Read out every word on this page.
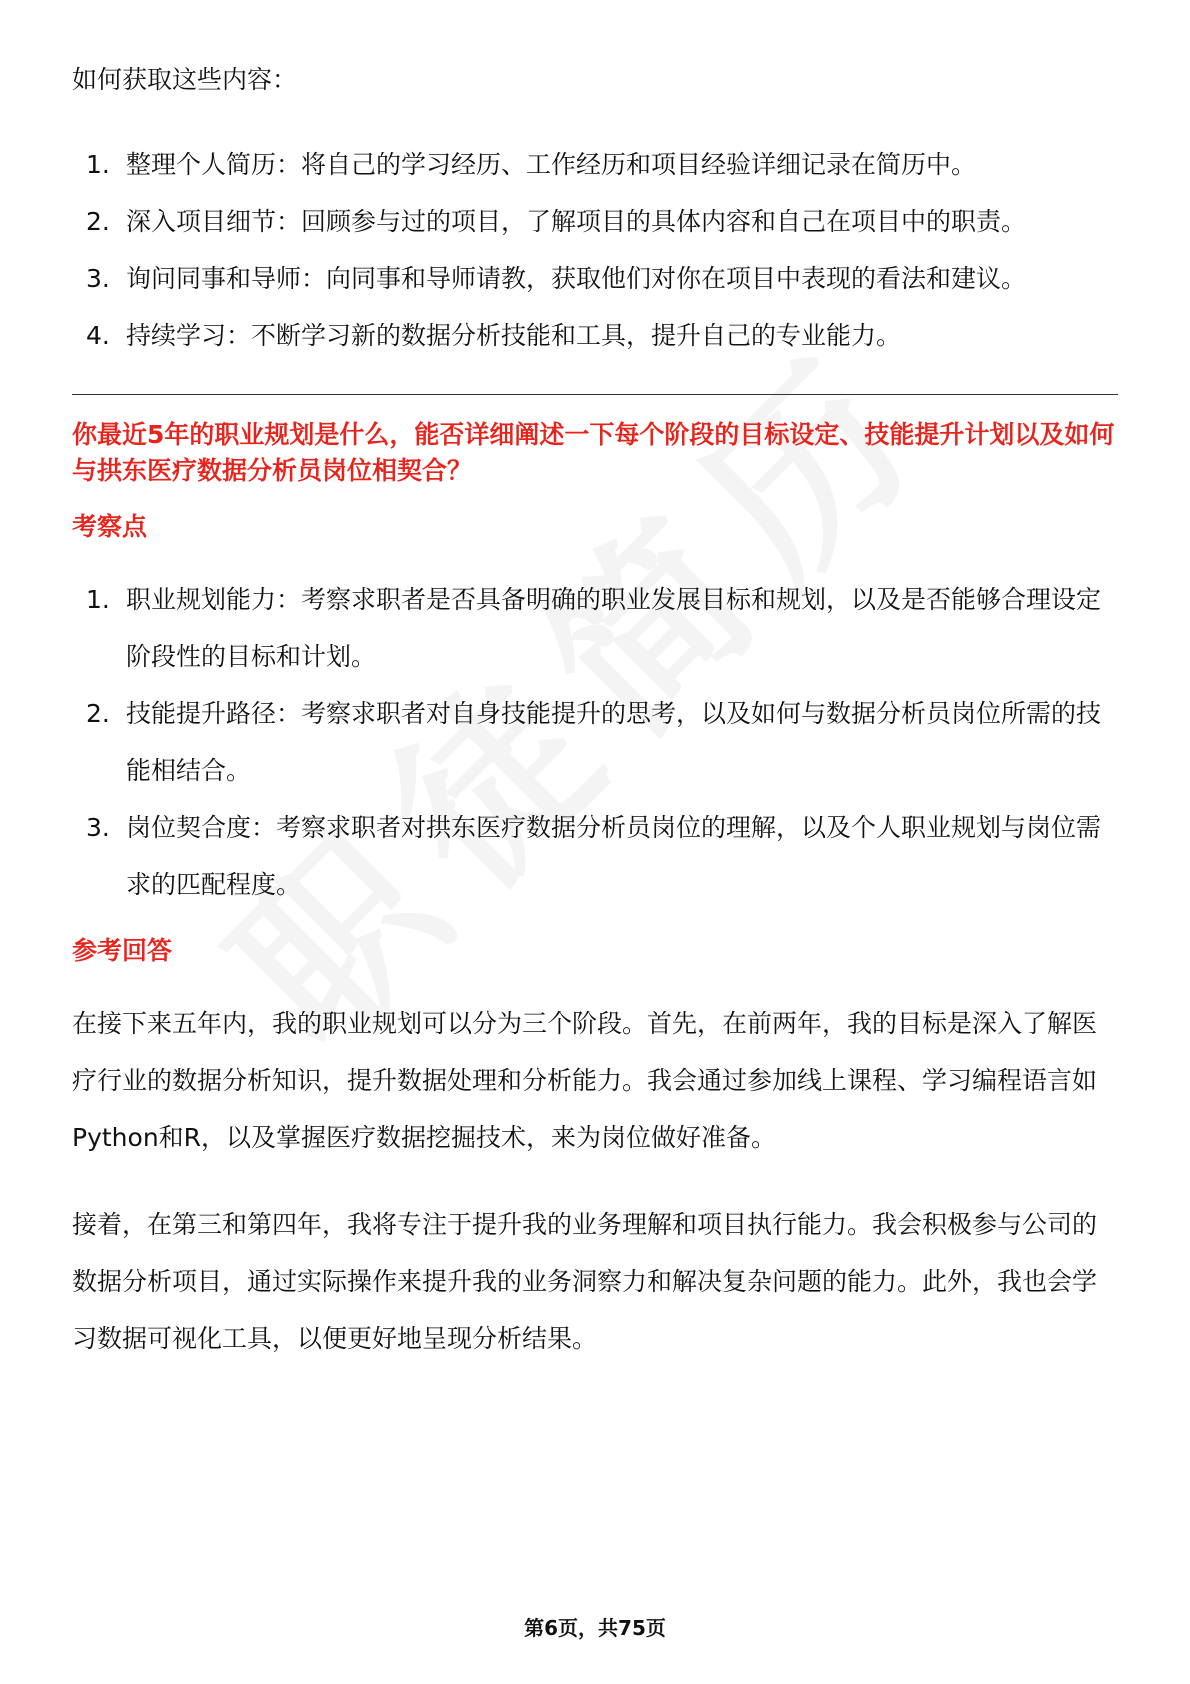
如何获取这些内容：

1. 整理个人简历：将自己的学习经历、工作经历和项目经验详细记录在简历中。
2. 深入项目细节：回顾参与过的项目，了解项目的具体内容和自己在项目中的职责。
3. 询问同事和导师：向同事和导师请教，获取他们对你在项目中表现的看法和建议。
4. 持续学习：不断学习新的数据分析技能和工具，提升自己的专业能力。

你最近5年的职业规划是什么，能否详细阐述一下每个阶段的目标设定、技能提升计划以及如何与拱东医疗数据分析员岗位相契合？

考察点

1. 职业规划能力：考察求职者是否具备明确的职业发展目标和规划，以及是否能够合理设定阶段性的目标和计划。
2. 技能提升路径：考察求职者对自身技能提升的思考，以及如何与数据分析员岗位所需的技能相结合。
3. 岗位契合度：考察求职者对拱东医疗数据分析员岗位的理解，以及个人职业规划与岗位需求的匹配程度。

参考回答

在接下来五年内，我的职业规划可以分为三个阶段。首先，在前两年，我的目标是深入了解医疗行业的数据分析知识，提升数据处理和分析能力。我会通过参加线上课程、学习编程语言如Python和R，以及掌握医疗数据挖掘技术，来为岗位做好准备。

接着，在第三和第四年，我将专注于提升我的业务理解和项目执行能力。我会积极参与公司的数据分析项目，通过实际操作来提升我的业务洞察力和解决复杂问题的能力。此外，我也会学习数据可视化工具，以便更好地呈现分析结果。

第6页，共75页
